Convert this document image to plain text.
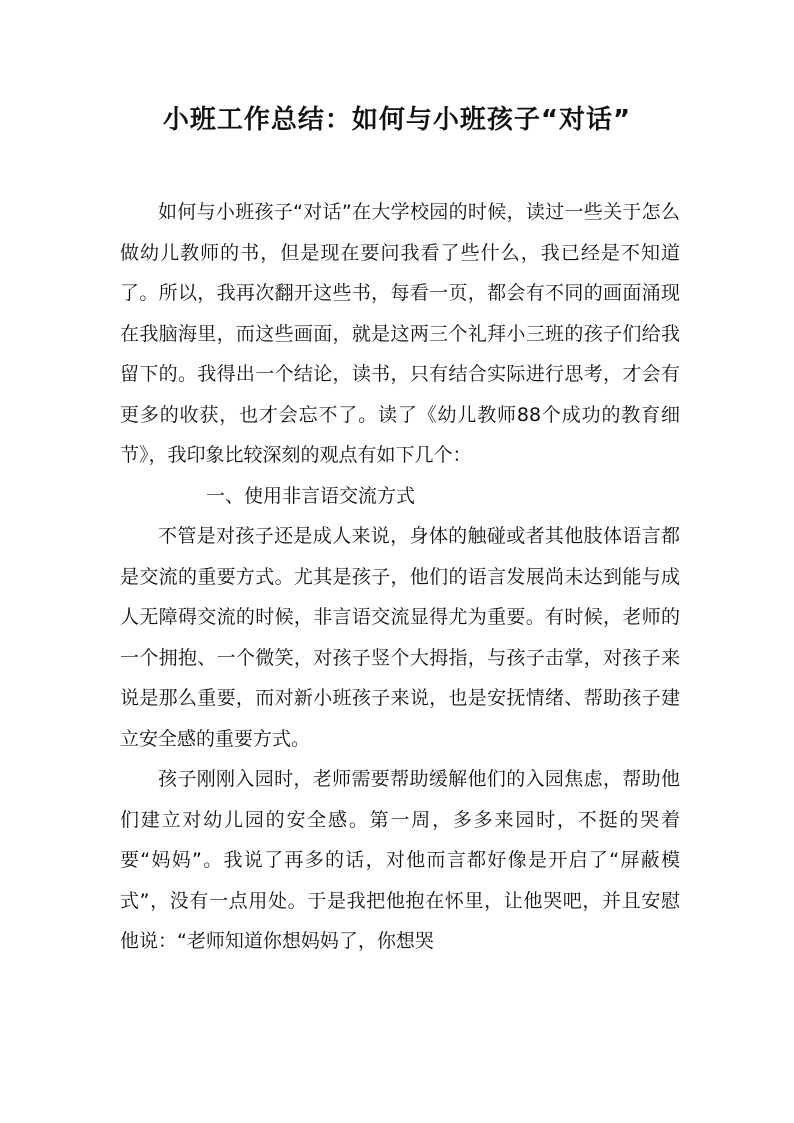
小班工作总结：如何与小班孩子“对话”

如何与小班孩子“对话”在大学校园的时候，读过一些关于怎么做幼儿教师的书，但是现在要问我看了些什么，我已经是不知道了。所以，我再次翻开这些书，每看一页，都会有不同的画面涌现在我脑海里，而这些画面，就是这两三个礼拜小三班的孩子们给我留下的。我得出一个结论，读书，只有结合实际进行思考，才会有更多的收获，也才会忘不了。读了《幼儿教师88个成功的教育细节》，我印象比较深刻的观点有如下几个：

一、使用非言语交流方式

不管是对孩子还是成人来说，身体的触碰或者其他肢体语言都是交流的重要方式。尤其是孩子，他们的语言发展尚未达到能与成人无障碍交流的时候，非言语交流显得尤为重要。有时候，老师的一个拥抱、一个微笑，对孩子竖个大拇指，与孩子击掌，对孩子来说是那么重要，而对新小班孩子来说，也是安抚情绪、帮助孩子建立安全感的重要方式。

孩子刚刚入园时，老师需要帮助缓解他们的入园焦虑，帮助他们建立对幼儿园的安全感。第一周，多多来园时，不挺的哭着要“妈妈”。我说了再多的话，对他而言都好像是开启了“屏蔽模式”，没有一点用处。于是我把他抱在怀里，让他哭吧，并且安慰他说：“老师知道你想妈妈了，你想哭
